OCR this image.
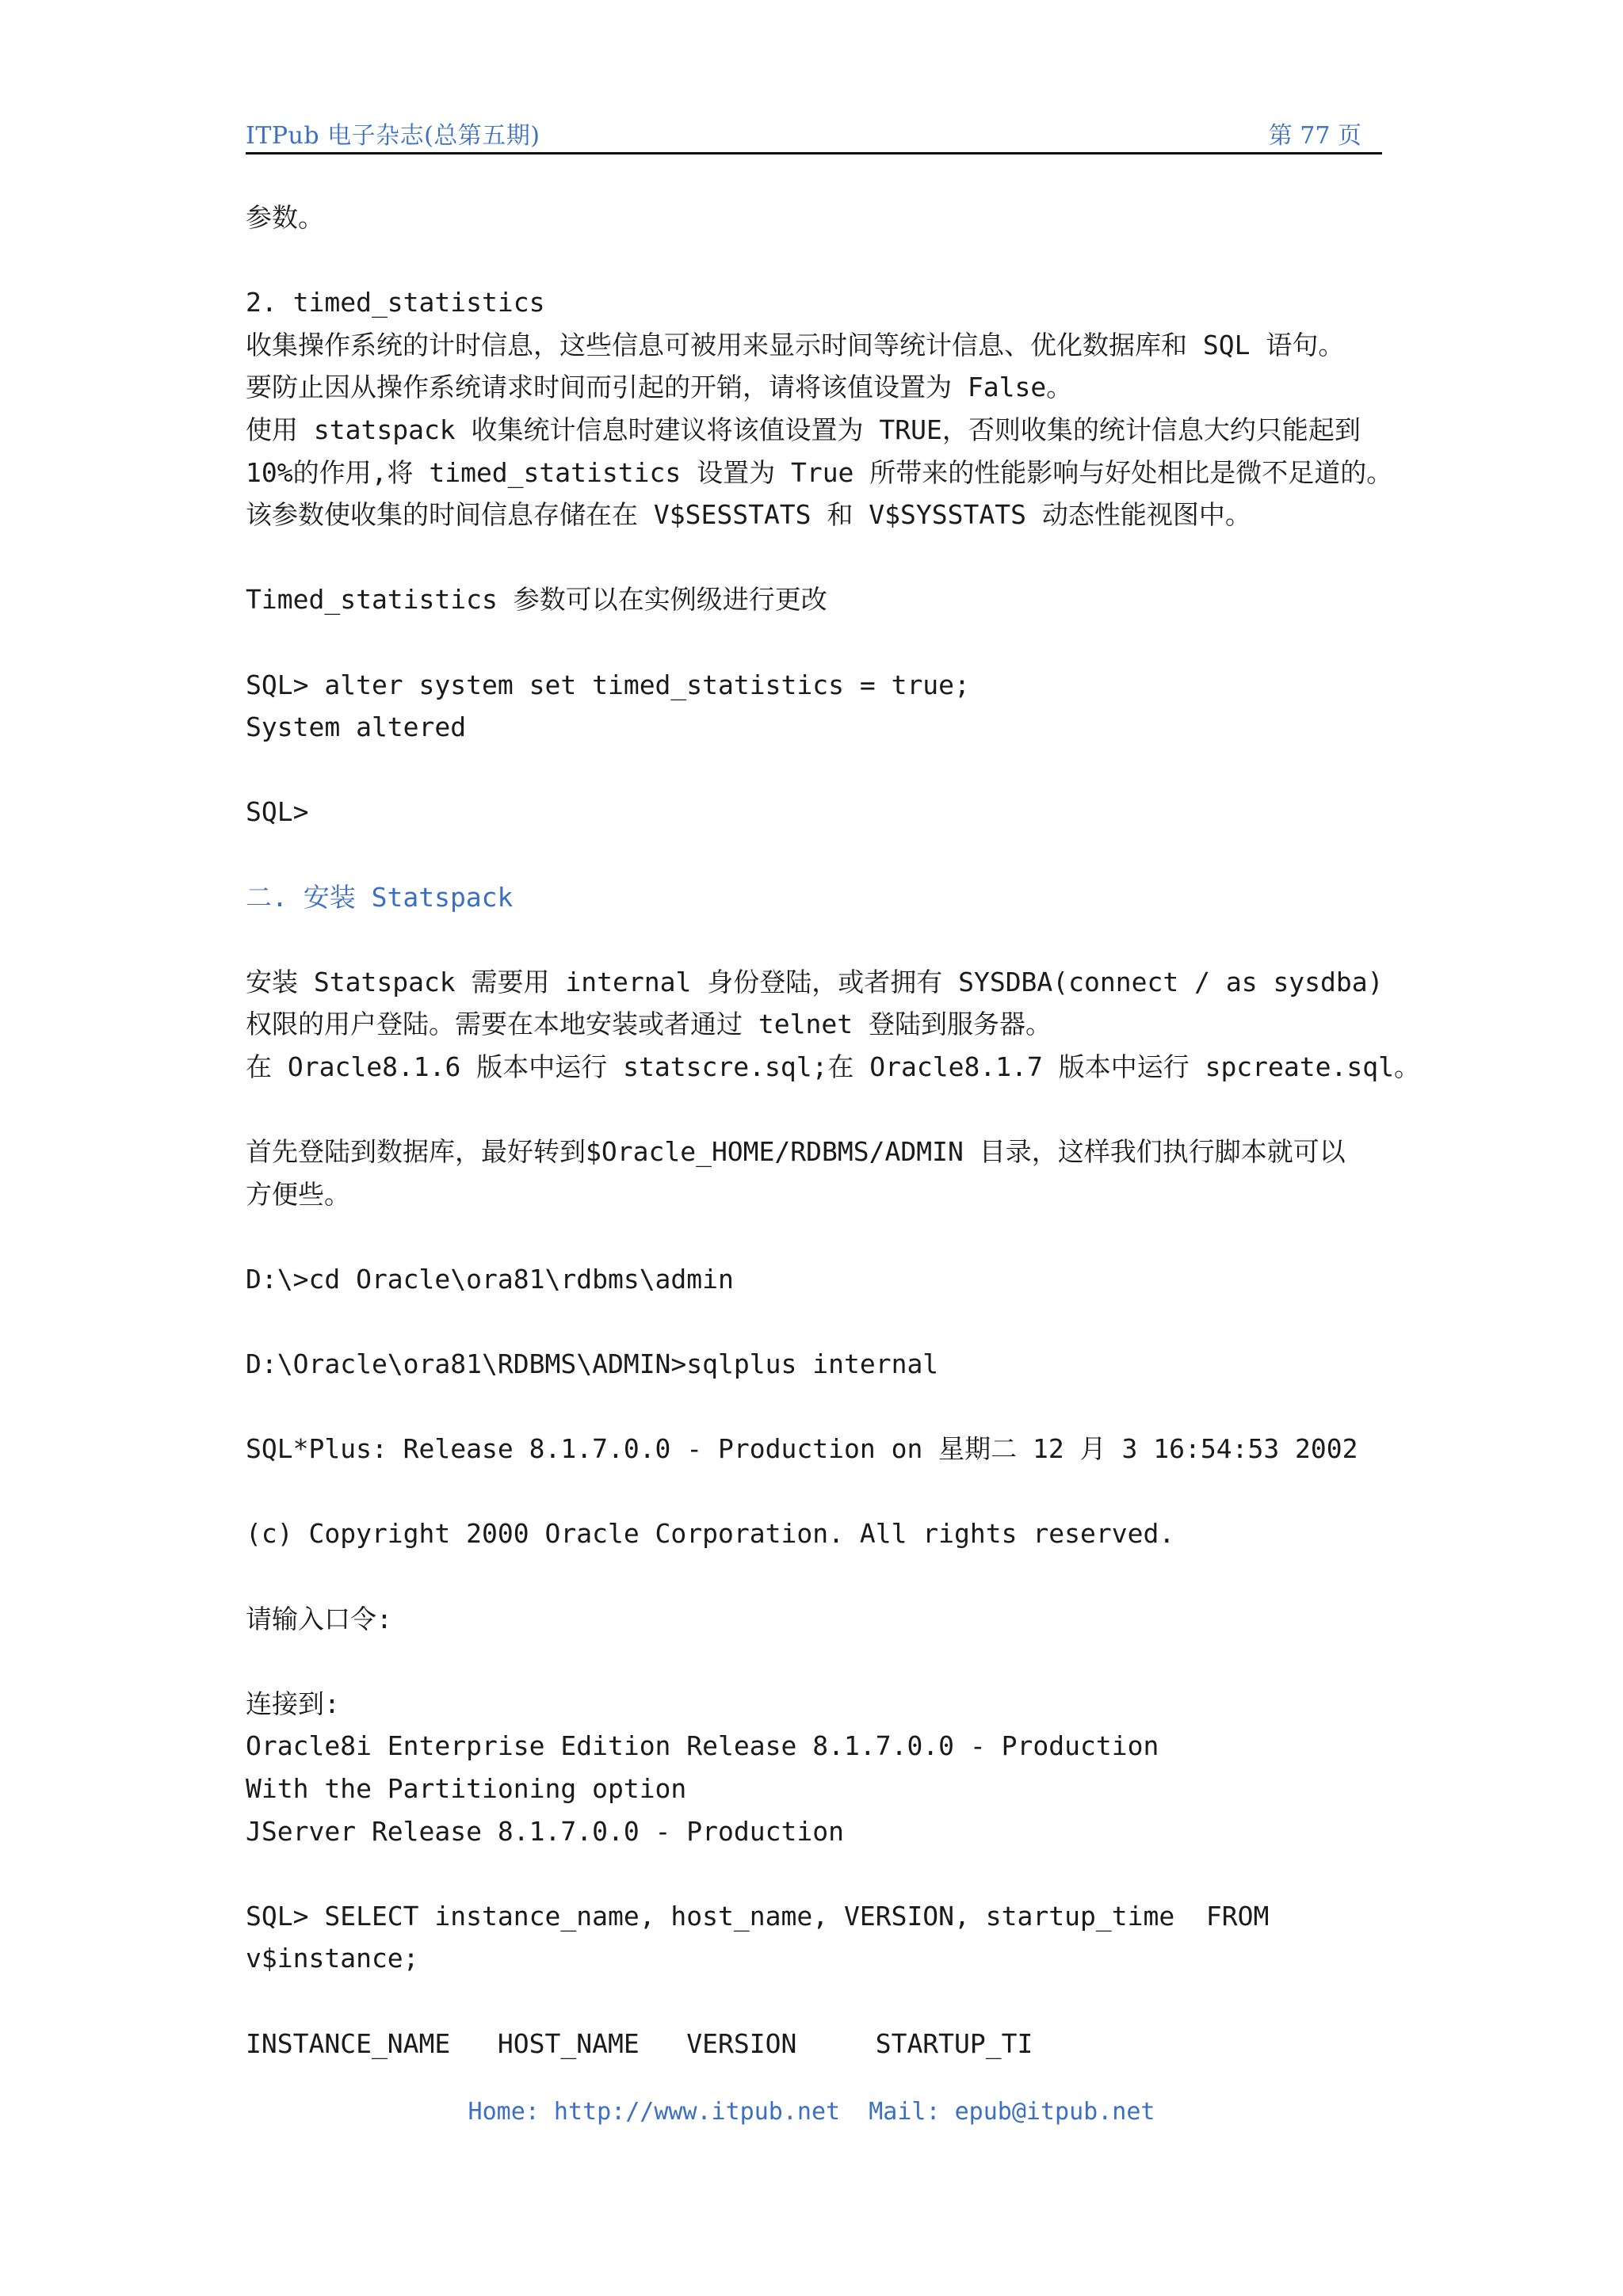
ITPub 电子杂志(总第五期)	第 77 页
参数。
2. timed_statistics
收集操作系统的计时信息，这些信息可被用来显示时间等统计信息、优化数据库和 SQL 语句。
要防止因从操作系统请求时间而引起的开销，请将该值设置为 False。
使用 statspack 收集统计信息时建议将该值设置为 TRUE，否则收集的统计信息大约只能起到
10%的作用,将 timed_statistics 设置为 True 所带来的性能影响与好处相比是微不足道的。
该参数使收集的时间信息存储在在 V$SESSTATS 和 V$SYSSTATS 动态性能视图中。
Timed_statistics 参数可以在实例级进行更改
SQL> alter system set timed_statistics = true;
System altered
SQL>
二. 安装 Statspack
安装 Statspack 需要用 internal 身份登陆，或者拥有 SYSDBA(connect / as sysdba)
权限的用户登陆。需要在本地安装或者通过 telnet 登陆到服务器。
在 Oracle8.1.6 版本中运行 statscre.sql;在 Oracle8.1.7 版本中运行 spcreate.sql。
首先登陆到数据库，最好转到$Oracle_HOME/RDBMS/ADMIN 目录，这样我们执行脚本就可以
方便些。
D:\>cd Oracle\ora81\rdbms\admin
D:\Oracle\ora81\RDBMS\ADMIN>sqlplus internal
SQL*Plus: Release 8.1.7.0.0 - Production on 星期二 12 月 3 16:54:53 2002
(c) Copyright 2000 Oracle Corporation. All rights reserved.
请输入口令:
连接到:
Oracle8i Enterprise Edition Release 8.1.7.0.0 - Production
With the Partitioning option
JServer Release 8.1.7.0.0 - Production
SQL> SELECT instance_name, host_name, VERSION, startup_time  FROM
v$instance;
INSTANCE_NAME   HOST_NAME   VERSION     STARTUP_TI
Home: http://www.itpub.net  Mail: epub@itpub.net
